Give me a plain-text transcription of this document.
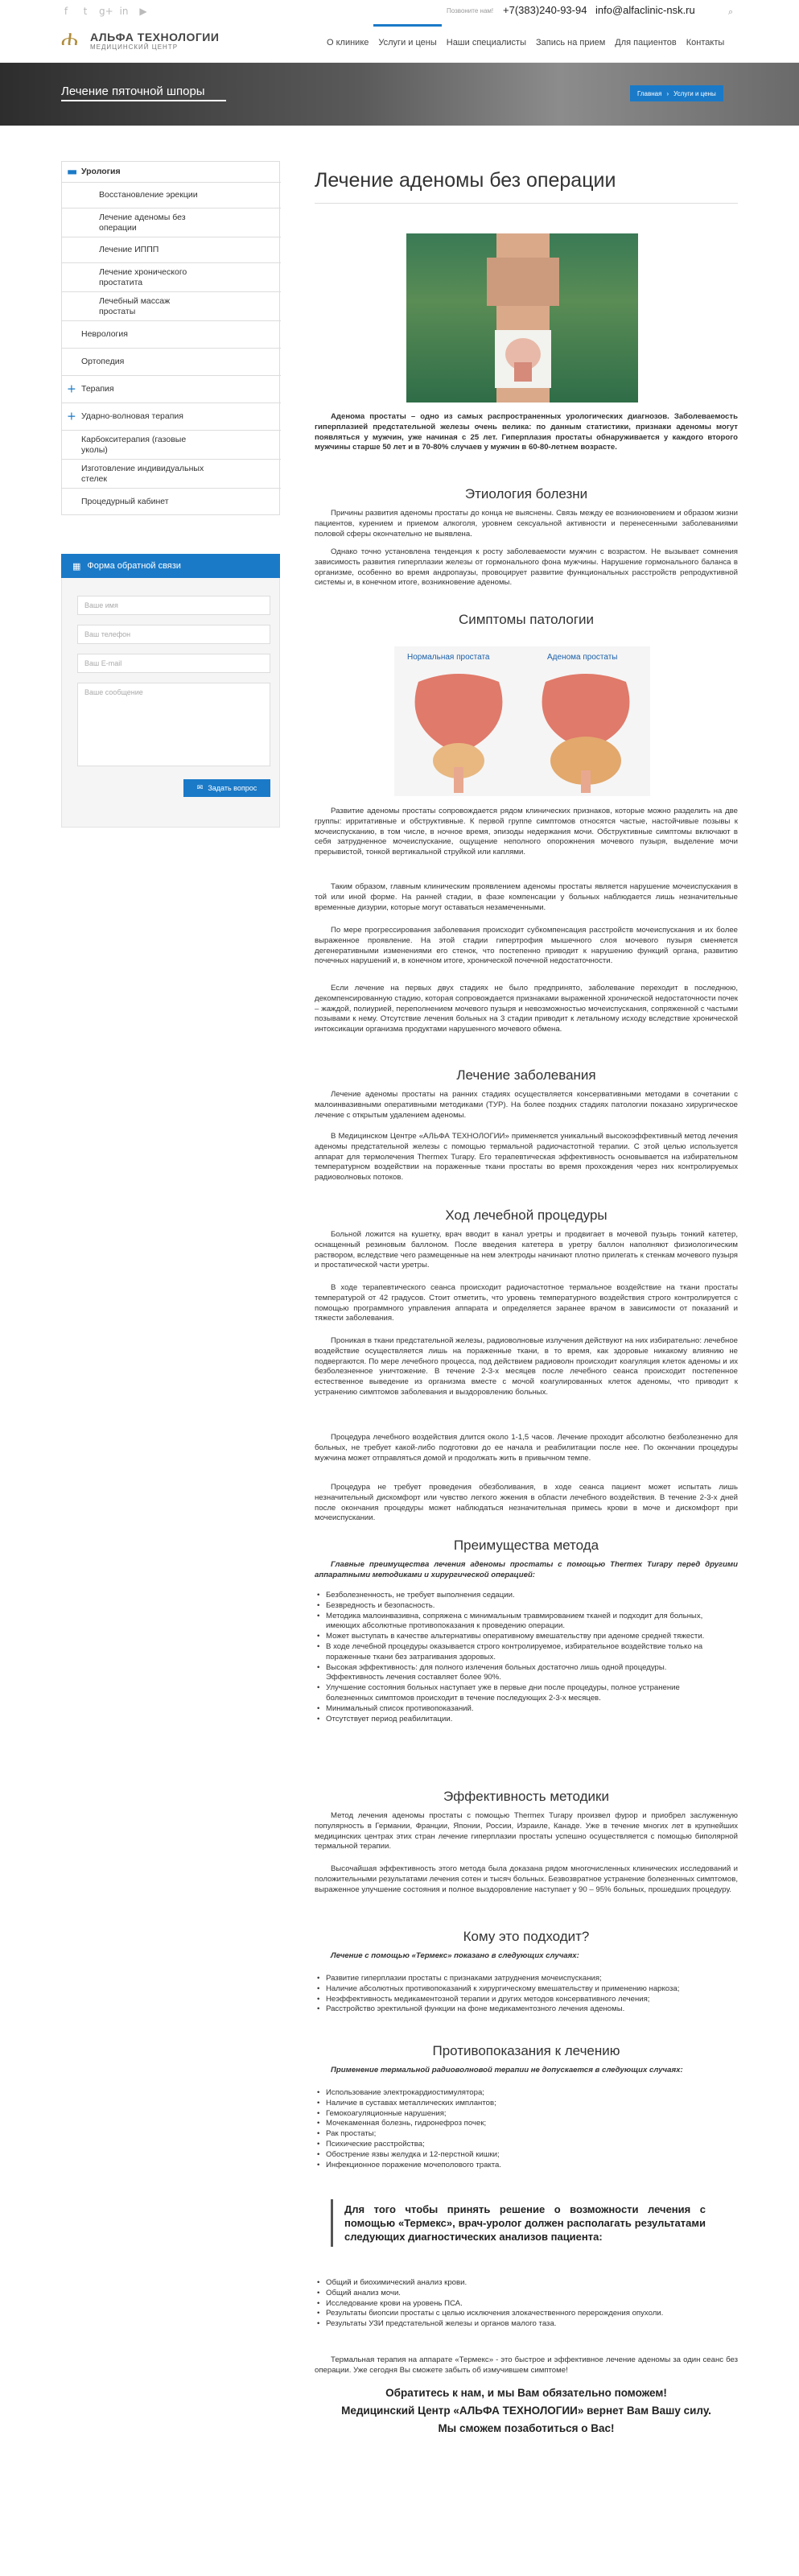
f	t	g+ in ▶	Позвоните нам! +7(383)240-93-94 info@alfaclinic-nsk.ru	⌕
ሐ	АЛЬФА ТЕХНОЛОГИИ
МЕДИЦИНСКИЙ ЦЕНТР	О клинике	Услуги и цены	Наши специалисты	Запись на прием	Для пациентов	Контакты
Лечение пяточной шпоры	Главная › Услуги и цены
▬ Урология
Восстановление эрекции
Лечение аденомы без операции
Лечение ИППП
Лечение хронического простатита
Лечебный массаж простаты
Неврология
Ортопедия
+ Терапия
+ Ударно-волновая терапия
Карбокситерапия (газовые уколы)
Изготовление индивидуальных стелек
Процедурный кабинет
▦ Форма обратной связи
Ваше имя
Ваш телефон
Ваш E-mail
Ваше сообщение
✉ Задать вопрос
Лечение аденомы без операции
Аденома простаты – одно из самых распространенных урологических диагнозов. Заболеваемость гиперплазией предстательной железы очень велика: по данным статистики, признаки аденомы могут появляться у мужчин, уже начиная с 25 лет. Гиперплазия простаты обнаруживается у каждого второго мужчины старше 50 лет и в 70-80% случаев у мужчин в 60-80-летнем возрасте.
Этиология болезни
Причины развития аденомы простаты до конца не выяснены. Связь между ее возникновением и образом жизни пациентов, курением и приемом алкоголя, уровнем сексуальной активности и перенесенными заболеваниями половой сферы окончательно не выявлена.
Однако точно установлена тенденция к росту заболеваемости мужчин с возрастом. Не вызывает сомнения зависимость развития гиперплазии железы от гормонального фона мужчины. Нарушение гормонального баланса в организме, особенно во время андропаузы, провоцирует развитие функциональных расстройств репродуктивной системы и, в конечном итоге, возникновение аденомы.
Симптомы патологии
Нормальная простата	Аденома простаты
Развитие аденомы простаты сопровождается рядом клинических признаков, которые можно разделить на две группы: ирритативные и обструктивные. К первой группе симптомов относятся частые, настойчивые позывы к мочеиспусканию, в том числе, в ночное время, эпизоды недержания мочи. Обструктивные симптомы включают в себя затрудненное мочеиспускание, ощущение неполного опорожнения мочевого пузыря, выделение мочи прерывистой, тонкой вертикальной струйкой или каплями.
Таким образом, главным клиническим проявлением аденомы простаты является нарушение мочеиспускания в той или иной форме. На ранней стадии, в фазе компенсации у больных наблюдается лишь незначительные временные дизурии, которые могут оставаться незамеченными.
По мере прогрессирования заболевания происходит субкомпенсация расстройств мочеиспускания и их более выраженное проявление. На этой стадии гипертрофия мышечного слоя мочевого пузыря сменяется дегенеративными изменениями его стенок, что постепенно приводит к нарушению функций органа, развитию почечных нарушений и, в конечном итоге, хронической почечной недостаточности.
Если лечение на первых двух стадиях не было предпринято, заболевание переходит в последнюю, декомпенсированную стадию, которая сопровождается признаками выраженной хронической недостаточности почек – жаждой, полиурией, переполнением мочевого пузыря и невозможностью мочеиспускания, сопряженной с частыми позывами к нему. Отсутствие лечения больных на 3 стадии приводит к летальному исходу вследствие хронической интоксикации организма продуктами нарушенного мочевого обмена.
Лечение заболевания
Лечение аденомы простаты на ранних стадиях осуществляется консервативными методами в сочетании с малоинвазивными оперативными методиками (ТУР). На более поздних стадиях патологии показано хирургическое лечение с открытым удалением аденомы.
В Медицинском Центре «АЛЬФА ТЕХНОЛОГИИ» применяется уникальный высокоэффективный метод лечения аденомы предстательной железы с помощью термальной радиочастотной терапии. С этой целью используется аппарат для термолечения Thermex Turapy. Его терапевтическая эффективность основывается на избирательном температурном воздействии на пораженные ткани простаты во время прохождения через них контролируемых радиоволновых потоков.
Ход лечебной процедуры
Больной ложится на кушетку, врач вводит в канал уретры и продвигает в мочевой пузырь тонкий катетер, оснащенный резиновым баллоном. После введения катетера в уретру баллон наполняют физиологическим раствором, вследствие чего размещенные на нем электроды начинают плотно прилегать к стенкам мочевого пузыря и простатической части уретры.
В ходе терапевтического сеанса происходит радиочастотное термальное воздействие на ткани простаты температурой от 42 градусов. Стоит отметить, что уровень температурного воздействия строго контролируется с помощью программного управления аппарата и определяется заранее врачом в зависимости от показаний и тяжести заболевания.
Проникая в ткани предстательной железы, радиоволновые излучения действуют на них избирательно: лечебное воздействие осуществляется лишь на пораженные ткани, в то время, как здоровые никакому влиянию не подвергаются. По мере лечебного процесса, под действием радиоволн происходит коагуляция клеток аденомы и их безболезненное уничтожение. В течение 2-3-х месяцев после лечебного сеанса происходит постепенное естественное выведение из организма вместе с мочой коагулированных клеток аденомы, что приводит к устранению симптомов заболевания и выздоровлению больных.
Процедура лечебного воздействия длится около 1-1,5 часов. Лечение проходит абсолютно безболезненно для больных, не требует какой-либо подготовки до ее начала и реабилитации после нее. По окончании процедуры мужчина может отправляться домой и продолжать жить в привычном темпе.
Процедура не требует проведения обезболивания, в ходе сеанса пациент может испытать лишь незначительный дискомфорт или чувство легкого жжения в области лечебного воздействия. В течение 2-3-х дней после окончания процедуры может наблюдаться незначительная примесь крови в моче и дискомфорт при мочеиспускании.
Преимущества метода
Главные преимущества лечения аденомы простаты с помощью Thermex Turapy перед другими аппаратными методиками и хирургической операцией:
• Безболезненность, не требует выполнения седации.
• Безвредность и безопасность.
• Методика малоинвазивна, сопряжена с минимальным травмированием тканей и подходит для больных, имеющих абсолютные противопоказания к проведению операции.
• Может выступать в качестве альтернативы оперативному вмешательству при аденоме средней тяжести.
• В ходе лечебной процедуры оказывается строго контролируемое, избирательное воздействие только на пораженные ткани без затрагивания здоровых.
• Высокая эффективность: для полного излечения больных достаточно лишь одной процедуры. Эффективность лечения составляет более 90%.
• Улучшение состояния больных наступает уже в первые дни после процедуры, полное устранение болезненных симптомов происходит в течение последующих 2-3-х месяцев.
• Минимальный список противопоказаний.
• Отсутствует период реабилитации.
Эффективность методики
Метод лечения аденомы простаты с помощью Thermex Turapy произвел фурор и приобрел заслуженную популярность в Германии, Франции, Японии, России, Израиле, Канаде. Уже в течение многих лет в крупнейших медицинских центрах этих стран лечение гиперплазии простаты успешно осуществляется с помощью биполярной термальной терапии.
Высочайшая эффективность этого метода была доказана рядом многочисленных клинических исследований и положительными результатами лечения сотен и тысяч больных. Безвозвратное устранение болезненных симптомов, выраженное улучшение состояния и полное выздоровление наступает у 90 – 95% больных, прошедших процедуру.
Кому это подходит?
Лечение с помощью «Термекс» показано в следующих случаях:
• Развитие гиперплазии простаты с признаками затруднения мочеиспускания;
• Наличие абсолютных противопоказаний к хирургическому вмешательству и применению наркоза;
• Неэффективность медикаментозной терапии и других методов консервативного лечения;
• Расстройство эректильной функции на фоне медикаментозного лечения аденомы.
Противопоказания к лечению
Применение термальной радиоволновой терапии не допускается в следующих случаях:
• Использование электрокардиостимулятора;
• Наличие в суставах металлических имплантов;
• Гемокоагуляционные нарушения;
• Мочекаменная болезнь, гидронефроз почек;
• Рак простаты;
• Психические расстройства;
• Обострение язвы желудка и 12-перстной кишки;
• Инфекционное поражение мочеполового тракта.
Для того чтобы принять решение о возможности лечения с помощью «Термекс», врач-уролог должен располагать результатами следующих диагностических анализов пациента:
• Общий и биохимический анализ крови.
• Общий анализ мочи.
• Исследование крови на уровень ПСА.
• Результаты биопсии простаты с целью исключения злокачественного перерождения опухоли.
• Результаты УЗИ предстательной железы и органов малого таза.
Термальная терапия на аппарате «Термекс» - это быстрое и эффективное лечение аденомы за один сеанс без операции. Уже сегодня Вы сможете забыть об измучившем симптоме!
Обратитесь к нам, и мы Вам обязательно поможем!
Медицинский Центр «АЛЬФА ТЕХНОЛОГИИ» вернет Вам Вашу силу.
Мы сможем позаботиться о Вас!
